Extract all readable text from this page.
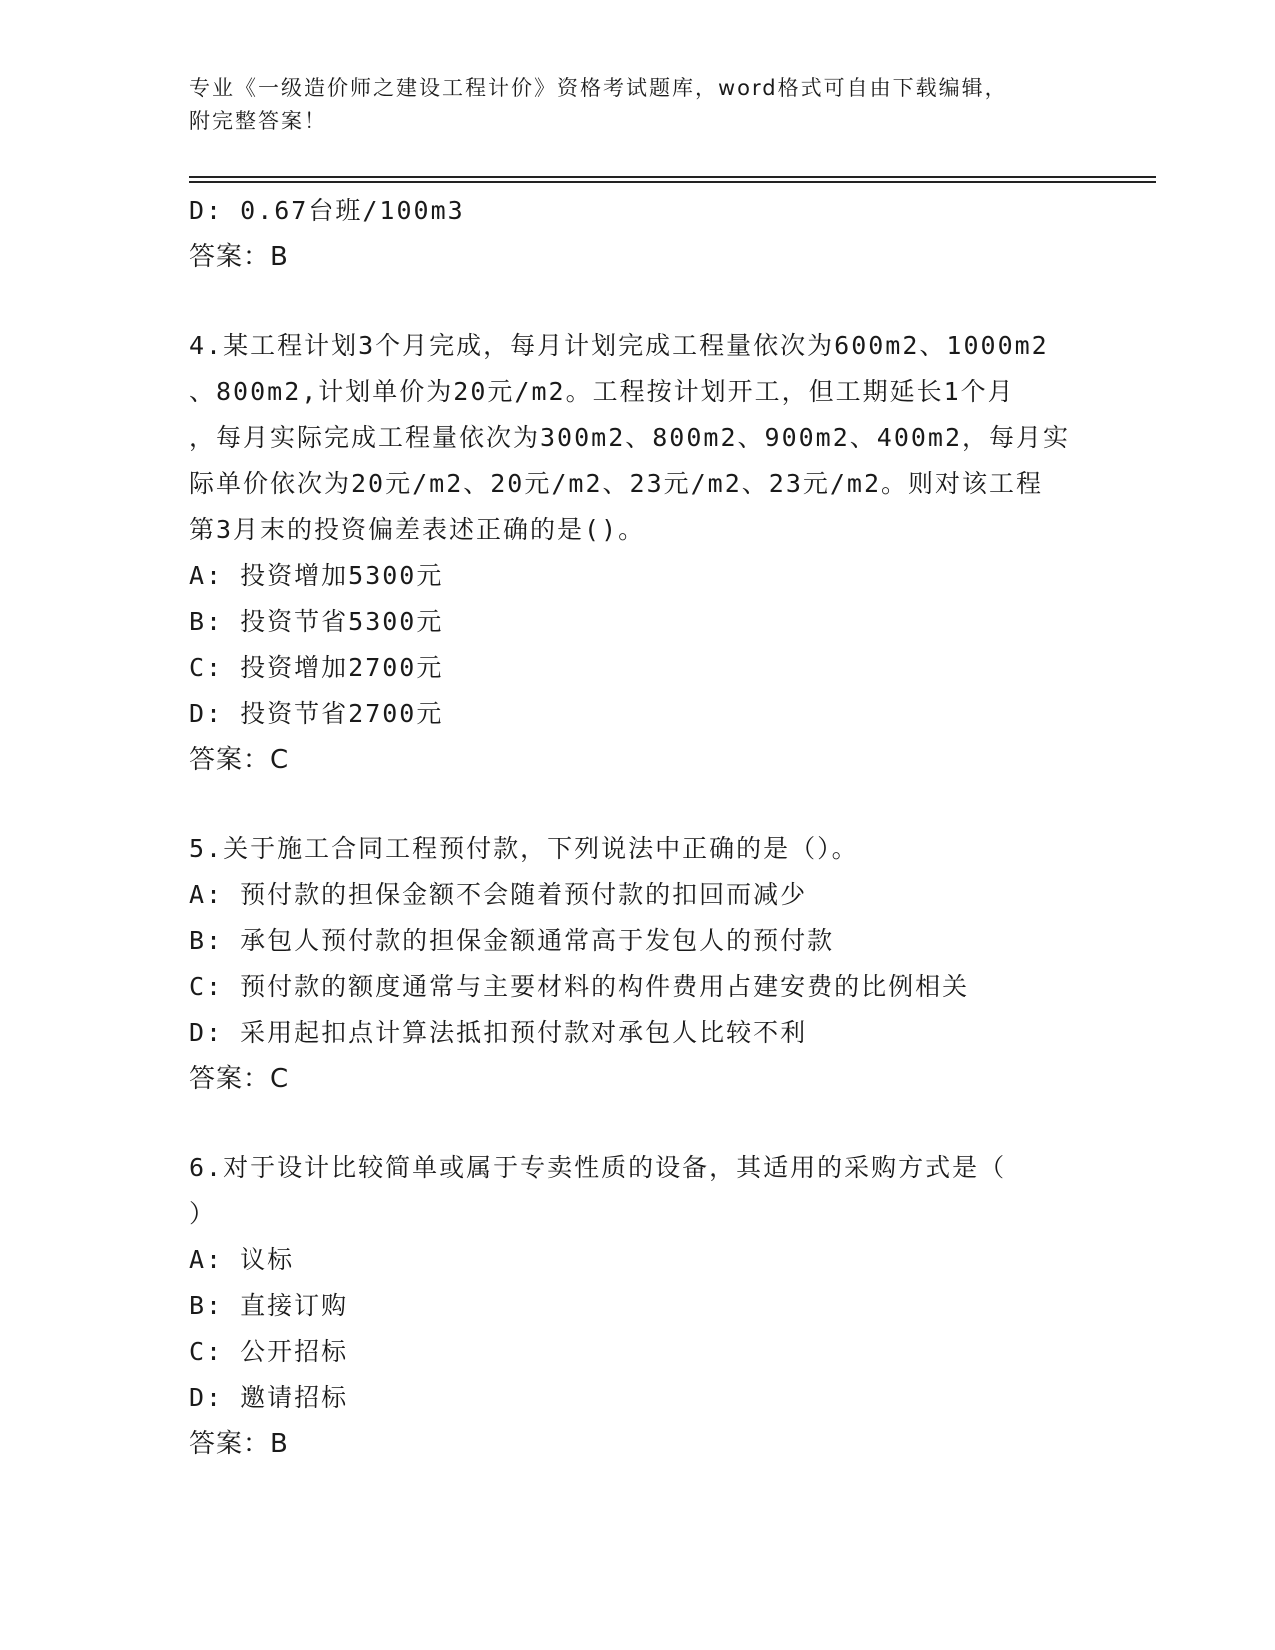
专业《一级造价师之建设工程计价》资格考试题库，word格式可自由下载编辑，
附完整答案！
D: 0.67台班/100m3
答案：B
4.某工程计划3个月完成，每月计划完成工程量依次为600m2、1000m2
、800m2,计划单价为20元/m2。工程按计划开工，但工期延长1个月
，每月实际完成工程量依次为300m2、800m2、900m2、400m2，每月实
际单价依次为20元/m2、20元/m2、23元/m2、23元/m2。则对该工程
第3月末的投资偏差表述正确的是()。
A: 投资增加5300元
B: 投资节省5300元
C: 投资增加2700元
D: 投资节省2700元
答案：C
5.关于施工合同工程预付款，下列说法中正确的是（）。
A: 预付款的担保金额不会随着预付款的扣回而减少
B: 承包人预付款的担保金额通常高于发包人的预付款
C: 预付款的额度通常与主要材料的构件费用占建安费的比例相关
D: 采用起扣点计算法抵扣预付款对承包人比较不利
答案：C
6.对于设计比较简单或属于专卖性质的设备，其适用的采购方式是（
）
A: 议标
B: 直接订购
C: 公开招标
D: 邀请招标
答案：B
